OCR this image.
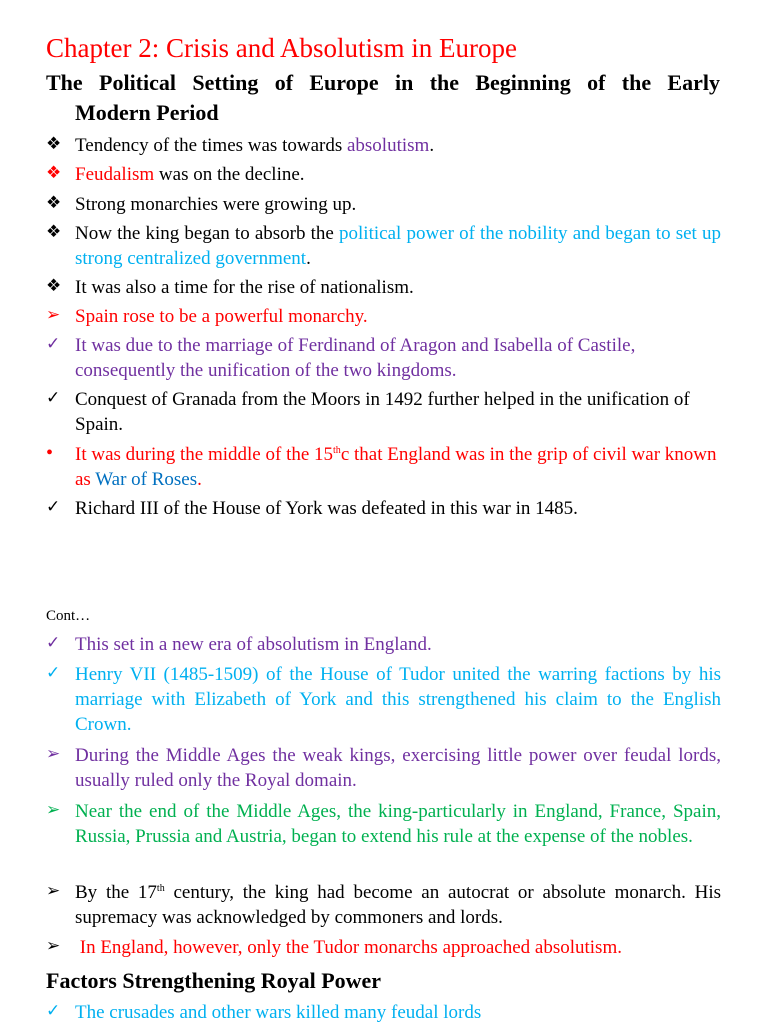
Chapter 2: Crisis and Absolutism in Europe
The Political Setting of Europe in the Beginning of the Early
Modern Period
❖ Tendency of the times was towards absolutism.
❖ Feudalism was on the decline.
❖ Strong monarchies were growing up.
❖ Now the king began to absorb the political power of the nobility and began to set up strong centralized government.
❖ It was also a time for the rise of nationalism.
➢ Spain rose to be a powerful monarchy.
✓ It was due to the marriage of Ferdinand of Aragon and Isabella of Castile, consequently the unification of the two kingdoms.
✓ Conquest of Granada from the Moors in 1492 further helped in the unification of Spain.
•	It was during the middle of the 15thc that England was in the grip of civil war known as War of Roses.
✓ Richard III of the House of York was defeated in this war in 1485.
Cont…
✓ This set in a new era of absolutism in England.
✓ Henry VII (1485-1509) of the House of Tudor united the warring factions by his marriage with Elizabeth of York and this strengthened his claim to the English Crown.
➢ During the Middle Ages the weak kings, exercising little power over feudal lords, usually ruled only the Royal domain.
➢ Near the end of the Middle Ages, the king-particularly in England, France, Spain, Russia, Prussia and Austria, began to extend his rule at the expense of the nobles.
➢ By the 17th century, the king had become an autocrat or absolute monarch. His supremacy was acknowledged by commoners and lords.
➢ In England, however, only the Tudor monarchs approached absolutism.
Factors Strengthening Royal Power
✓ The crusades and other wars killed many feudal lords
